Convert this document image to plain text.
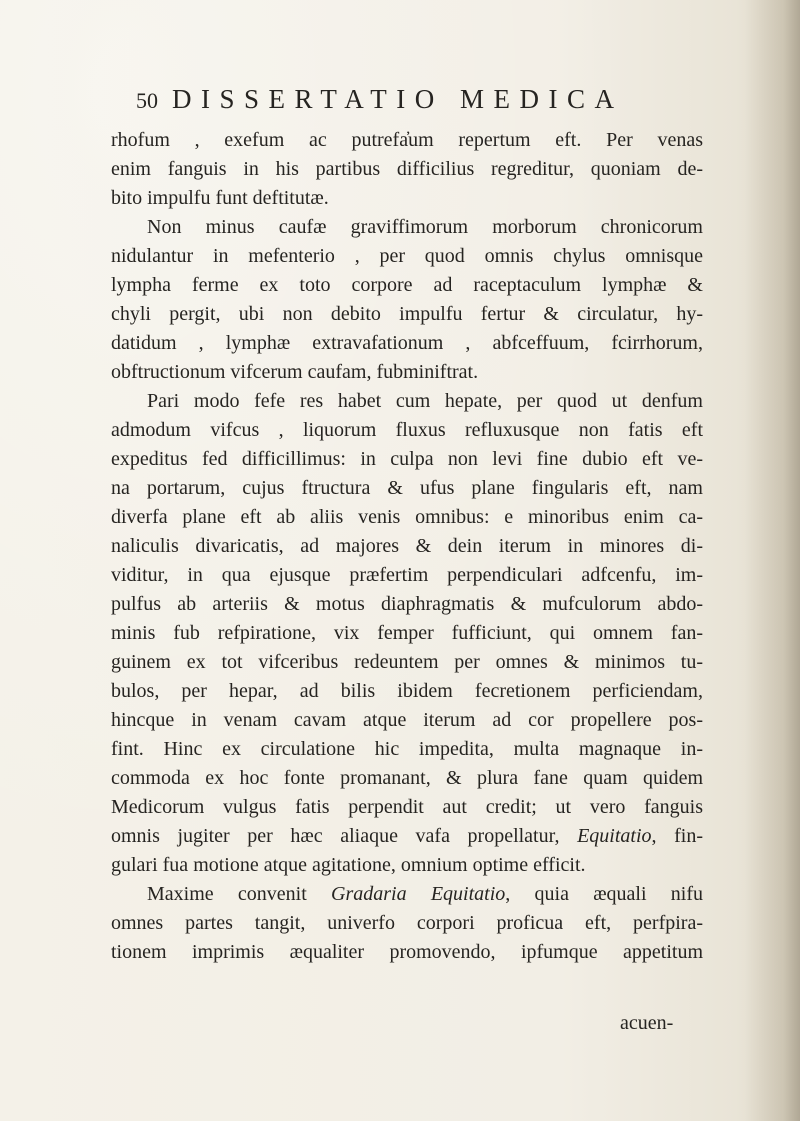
50 DISSERTATIO MEDICA
rhofum , exefum ac putrefa̓um repertum eft. Per venas
enim fanguis in his partibus difficilius regreditur, quoniam de-
bito impulfu funt deftitutæ.
Non minus caufæ graviffimorum morborum chronicorum
nidulantur in mefenterio , per quod omnis chylus omnisque
lympha ferme ex toto corpore ad raceptaculum lymphæ &
chyli pergit, ubi non debito impulfu fertur & circulatur, hy-
datidum , lymphæ extravafationum , abfceffuum, fcirrhorum,
obftructionum vifcerum caufam, fubminiftrat.
Pari modo fefe res habet cum hepate, per quod ut denfum
admodum vifcus , liquorum fluxus refluxusque non fatis eft
expeditus fed difficillimus: in culpa non levi fine dubio eft ve-
na portarum, cujus ftructura & ufus plane fingularis eft, nam
diverfa plane eft ab aliis venis omnibus: e minoribus enim ca-
naliculis divaricatis, ad majores & dein iterum in minores di-
viditur, in qua ejusque præfertim perpendiculari adfcenfu, im-
pulfus ab arteriis & motus diaphragmatis & mufculorum abdo-
minis fub refpiratione, vix femper fufficiunt, qui omnem fan-
guinem ex tot vifceribus redeuntem per omnes & minimos tu-
bulos, per hepar, ad bilis ibidem fecretionem perficiendam,
hincque in venam cavam atque iterum ad cor propellere pos-
fint. Hinc ex circulatione hic impedita, multa magnaque in-
commoda ex hoc fonte promanant, & plura fane quam quidem
Medicorum vulgus fatis perpendit aut credit; ut vero fanguis
omnis jugiter per hæc aliaque vafa propellatur, Equitatio, fin-
gulari fua motione atque agitatione, omnium optime efficit.
Maxime convenit Gradaria Equitatio, quia æquali nifu
omnes partes tangit, univerfo corpori proficua eft, perfpira-
tionem imprimis æqualiter promovendo, ipfumque appetitum
acuen-
